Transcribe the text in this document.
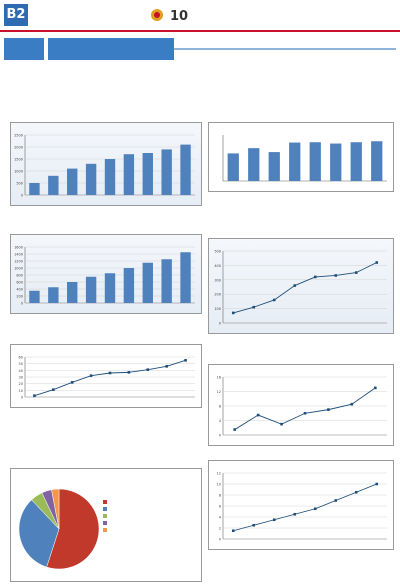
B2	10
0
500
1000
1500
2000
2500
0
200
400
600
800
1000
1200
1400
1600
0
10
20
30
40
50
60
0
100
200
300
400
500
0
4
8
12
16
0
2
4
6
8
10
12
